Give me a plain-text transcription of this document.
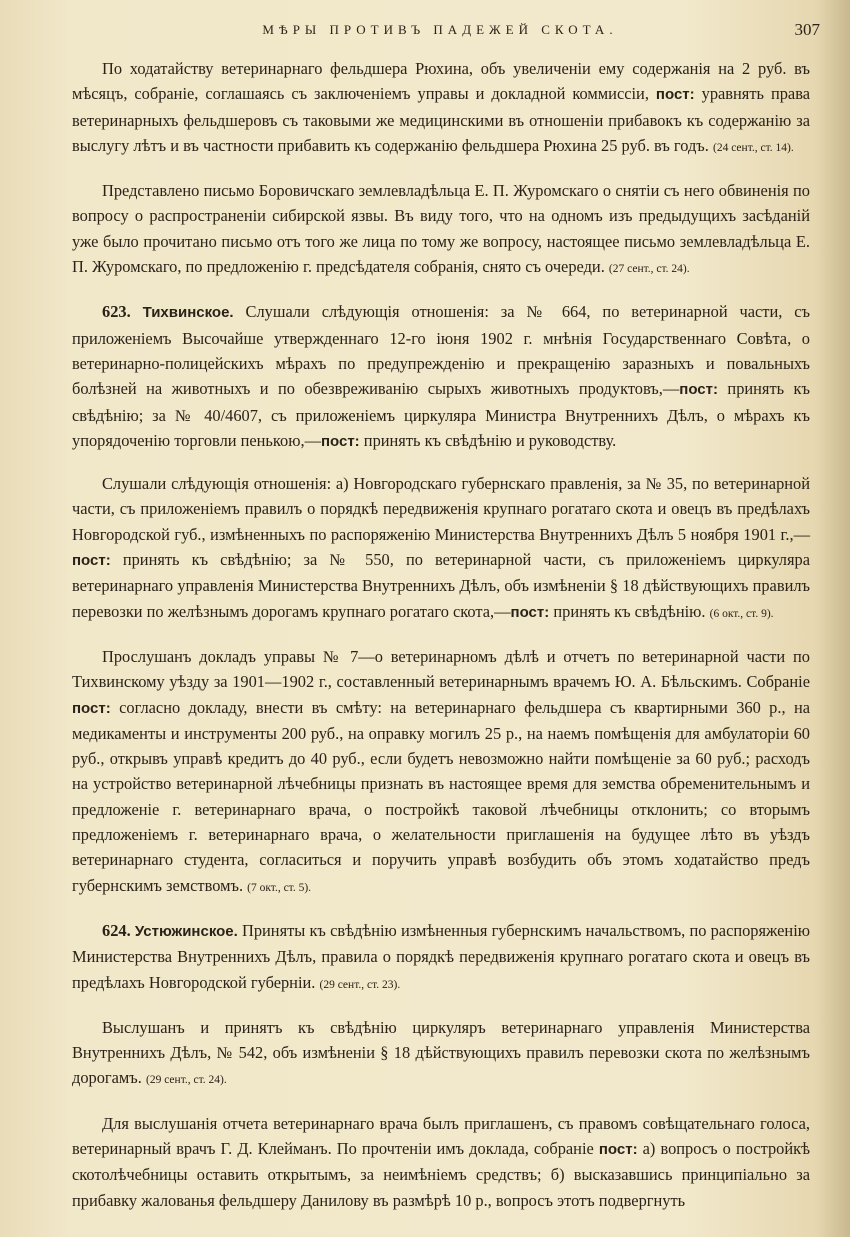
МѢРЫ ПРОТИВЪ ПАДЕЖЕЙ СКОТА.	307

По ходатайству ветеринарнаго фельдшера Рюхина, объ увеличеніи ему содержанія на 2 руб. въ мѣсяцъ, собраніе, соглашаясь съ заключеніемъ управы и докладной коммиссіи, пост: уравнять права ветеринарныхъ фельдшеровъ съ таковыми же медицинскими въ отношеніи прибавокъ къ содержанію за выслугу лѣтъ и въ частности прибавить къ содержанію фельдшера Рюхина 25 руб. въ годъ. (24 сент., ст. 14).

Представлено письмо Боровичскаго землевладѣльца Е. П. Журомскаго о снятіи съ него обвиненія по вопросу о распространеніи сибирской язвы. Въ виду того, что на одномъ изъ предыдущихъ засѣданій уже было прочитано письмо отъ того же лица по тому же вопросу, настоящее письмо землевладѣльца Е. П. Журомскаго, по предложенію г. предсѣдателя собранія, снято съ очереди. (27 сент., ст. 24).

623. Тихвинское. Слушали слѣдующія отношенія: за № 664, по ветеринарной части, съ приложеніемъ Высочайше утвержденнаго 12-го іюня 1902 г. мнѣнія Государственнаго Совѣта, о ветеринарно-полицейскихъ мѣрахъ по предупрежденію и прекращенію заразныхъ и повальныхъ болѣзней на животныхъ и по обезвреживанію сырыхъ животныхъ продуктовъ,—пост: принять къ свѣдѣнію; за № 40/4607, съ приложеніемъ циркуляра Министра Внутреннихъ Дѣлъ, о мѣрахъ къ упорядоченію торговли пенькою,—пост: принять къ свѣдѣнію и руководству.

Слушали слѣдующія отношенія: а) Новгородскаго губернскаго правленія, за № 35, по ветеринарной части, съ приложеніемъ правилъ о порядкѣ передвиженія крупнаго рогатаго скота и овецъ въ предѣлахъ Новгородской губ., измѣненныхъ по распоряженію Министерства Внутреннихъ Дѣлъ 5 ноября 1901 г.,—пост: принять къ свѣдѣнію; за № 550, по ветеринарной части, съ приложеніемъ циркуляра ветеринарнаго управленія Министерства Внутреннихъ Дѣлъ, объ измѣненіи § 18 дѣйствующихъ правилъ перевозки по желѣзнымъ дорогамъ крупнаго рогатаго скота,—пост: принять къ свѣдѣнію. (6 окт., ст. 9).

Прослушанъ докладъ управы № 7—о ветеринарномъ дѣлѣ и отчетъ по ветеринарной части по Тихвинскому уѣзду за 1901—1902 г., составленный ветеринарнымъ врачемъ Ю. А. Бѣльскимъ. Собраніе пост: согласно докладу, внести въ смѣту: на ветеринарнаго фельдшера съ квартирными 360 р., на медикаменты и инструменты 200 руб., на оправку могилъ 25 р., на наемъ помѣщенія для амбулаторіи 60 руб., открывъ управѣ кредитъ до 40 руб., если будетъ невозможно найти помѣщеніе за 60 руб.; расходъ на устройство ветеринарной лѣчебницы признать въ настоящее время для земства обременительнымъ и предложеніе г. ветеринарнаго врача, о постройкѣ таковой лѣчебницы отклонить; со вторымъ предложеніемъ г. ветеринарнаго врача, о желательности приглашенія на будущее лѣто въ уѣздъ ветеринарнаго студента, согласиться и поручить управѣ возбудить объ этомъ ходатайство предъ губернскимъ земствомъ. (7 окт., ст. 5).

624. Устюжинское. Приняты къ свѣдѣнію измѣненныя губернскимъ начальствомъ, по распоряженію Министерства Внутреннихъ Дѣлъ, правила о порядкѣ передвиженія крупнаго рогатаго скота и овецъ въ предѣлахъ Новгородской губерніи. (29 сент., ст. 23).

Выслушанъ и принятъ къ свѣдѣнію циркуляръ ветеринарнаго управленія Министерства Внутреннихъ Дѣлъ, № 542, объ измѣненіи § 18 дѣйствующихъ правилъ перевозки скота по желѣзнымъ дорогамъ. (29 сент., ст. 24).

Для выслушанія отчета ветеринарнаго врача былъ приглашенъ, съ правомъ совѣщательнаго голоса, ветеринарный врачъ Г. Д. Клейманъ. По прочтеніи имъ доклада, собраніе пост: а) вопросъ о постройкѣ скотолѣчебницы оставить открытымъ, за неимѣніемъ средствъ; б) высказавшись принципіально за прибавку жалованья фельдшеру Данилову въ размѣрѣ 10 р., вопросъ этотъ подвергнуть
